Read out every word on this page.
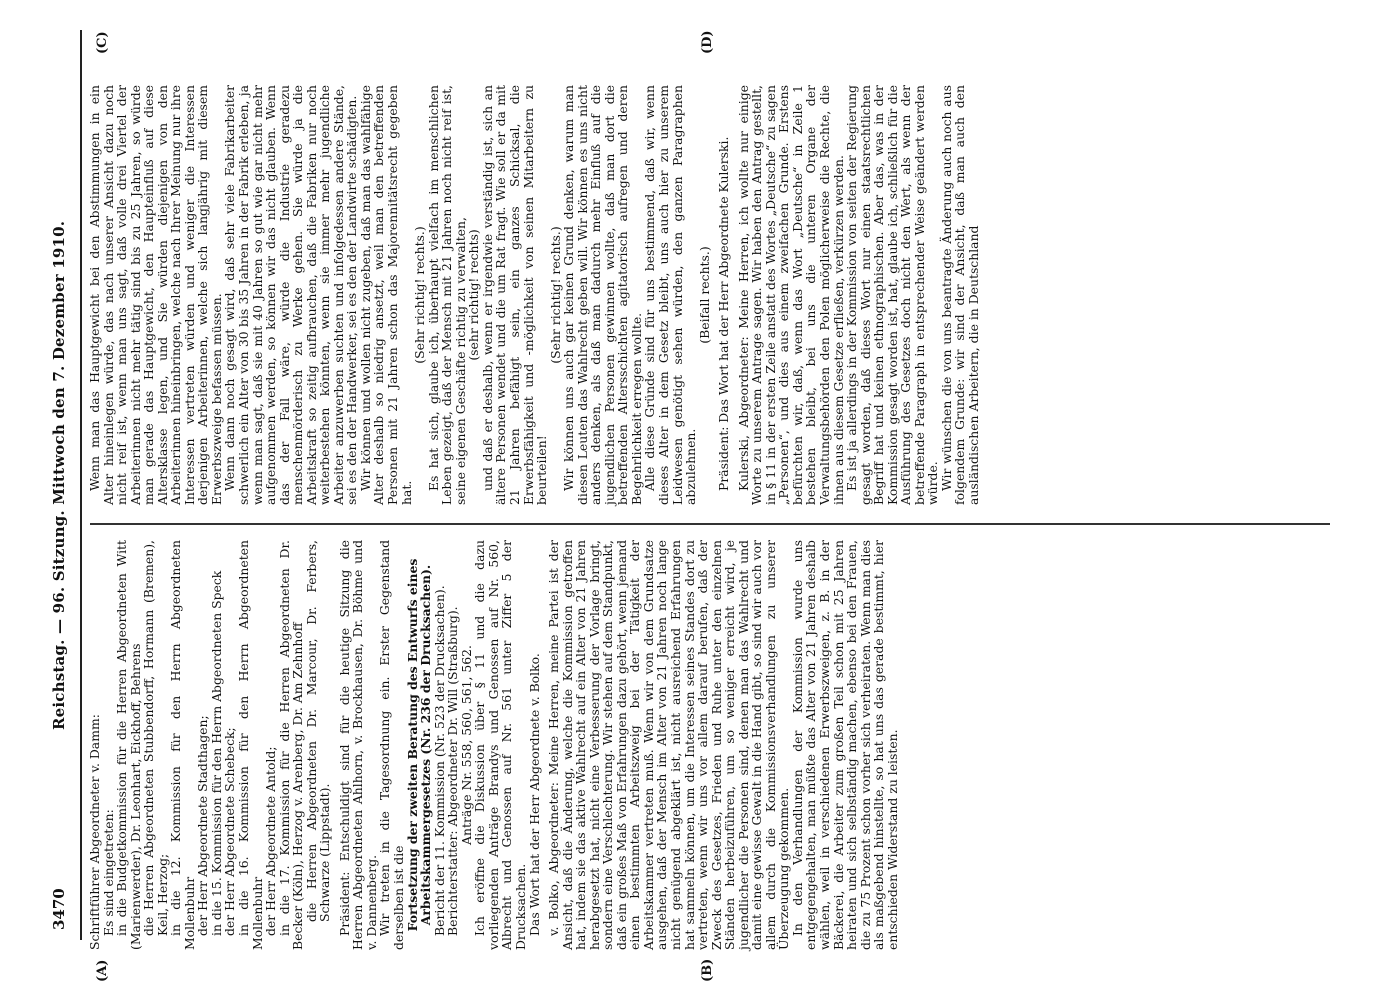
3470
Reichstag. — 96. Sitzung. Mittwoch den 7. Dezember 1910.
(A)	(B)
(C)	(D)

Schriftführer Abgeordneter v. Damm:

Es sind eingetreten:

in die Budgetkommission für die Herren Abgeordneten Witt (Marienwerder), Dr. Leonhart, Eickhoff, Behrens

die Herren Abgeordneten Stubbendorff, Hormann (Bremen), Keil, Herzog;

in die 12. Kommission für den Herrn Abgeordneten Mollenbuhr

der Herr Abgeordnete Stadthagen;

in die 15. Kommission für den Herrn Abgeordneten Speck

der Herr Abgeordnete Schebeck;

in die 16. Kommission für den Herrn Abgeordneten Mollenbuhr

der Herr Abgeordnete Antold;

in die 17. Kommission für die Herren Abgeordneten Dr. Becker (Köln), Herzog v. Arenberg, Dr. Am Zehnhoff

die Herren Abgeordneten Dr. Marcour, Dr. Ferbers, Schwarze (Lippstadt). Präsident: Entschuldigt sind für die heutige Sitzung die Herren Abgeordneten Ahlhorn, v. Brockhausen, Dr. Böhme und v. Dannenberg.

Wir treten in die Tagesordnung ein. Erster Gegenstand derselben ist die

Fortsetzung der zweiten Beratung des Entwurfs eines Arbeitskammergesetzes (Nr. 236 der Drucksachen).

Bericht der 11. Kommission (Nr. 523 der Drucksachen).

Berichterstatter: Abgeordneter Dr. Will (Straßburg).

Anträge Nr. 558, 560, 561, 562.

Ich eröffne die Diskussion über § 11 und die dazu vorliegenden Anträge Brandys und Genossen auf Nr. 560, Albrecht und Genossen auf Nr. 561 unter Ziffer 5 der Drucksachen.

Das Wort hat der Herr Abgeordnete v. Bolko. v. Bolko, Abgeordneter: Meine Herren, meine Partei ist der Ansicht, daß die Änderung, welche die Kommission getroffen hat, indem sie das aktive Wahlrecht auf ein Alter von 21 Jahren herabgesetzt hat, nicht eine Verbesserung der Vorlage bringt, sondern eine Verschlechterung. Wir stehen auf dem Standpunkt, daß ein großes Maß von Erfahrungen dazu gehört, wenn jemand einen bestimmten Arbeitszweig bei der Tätigkeit der Arbeitskammer vertreten muß. Wenn wir von dem Grundsatze ausgehen, daß der Mensch im Alter von 21 Jahren noch lange nicht genügend abgeklärt ist, nicht ausreichend Erfahrungen hat sammeln können, um die Interessen seines Standes dort zu vertreten, wenn wir uns vor allem darauf berufen, daß der Zweck des Gesetzes, Frieden und Ruhe unter den einzelnen Ständen herbeizuführen, um so weniger erreicht wird, je jugendlicher die Personen sind, denen man das Wahlrecht und damit eine gewisse Gewalt in die Hand gibt, so sind wir auch vor allem durch die Kommissionsverhandlungen zu unserer Überzeugung gekommen.

In den Verhandlungen der Kommission wurde uns entgegengehalten, man müßte das Alter von 21 Jahren deshalb wählen, weil in verschiedenen Erwerbszweigen, z. B. in der Bäckerei, die Arbeiter zum großen Teil schon mit 25 Jahren heiraten und sich selbständig machen, ebenso bei den Frauen, die zu 75 Prozent schon vorher sich verheiraten. Wenn man dies als maßgebend hinstellte, so hat uns das gerade bestimmt, hier entschieden Widerstand zu leisten.

Wenn man das Hauptgewicht bei den Abstimmungen in ein Alter hineinlegen würde, das nach unserer Ansicht dazu noch nicht reif ist, wenn man uns sagt, daß volle drei Viertel der Arbeiterinnen nicht mehr tätig sind bis zu 25 Jahren, so würde man gerade das Hauptgewicht, den Haupteinfluß auf diese Altersklasse legen, und Sie würden diejenigen von den Arbeiterinnen hineinbringen, welche nach Ihrer Meinung nur ihre Interessen vertreten würden und weniger die Interessen derjenigen Arbeiterinnen, welche sich langjährig mit diesem Erwerbszweige befassen müssen.

Wenn dann noch gesagt wird, daß sehr viele Fabrikarbeiter schwerlich ein Alter von 30 bis 35 Jahren in der Fabrik erleben, ja wenn man sagt, daß sie mit 40 Jahren so gut wie gar nicht mehr aufgenommen werden, so können wir das nicht glauben. Wenn das der Fall wäre, würde die Industrie geradezu menschenmörderisch zu Werke gehen. Sie würde ja die Arbeitskraft so zeitig aufbrauchen, daß die Fabriken nur noch weiterbestehen könnten, wenn sie immer mehr jugendliche Arbeiter anzuwerben suchten und infolgedessen andere Stände, sei es den der Handwerker, sei es den der Landwirte schädigten.

Wir können und wollen nicht zugeben, daß man das wahlfähige Alter deshalb so niedrig ansetzt, weil man den betreffenden Personen mit 21 Jahren schon das Majorennitätsrecht gegeben hat.

(Sehr richtig! rechts.)

Es hat sich, glaube ich, überhaupt vielfach im menschlichen Leben gezeigt, daß der Mensch mit 21 Jahren noch nicht reif ist, seine eigenen Geschäfte richtig zu verwalten,

(sehr richtig! rechts)

und daß er deshalb, wenn er irgendwie verständig ist, sich an ältere Personen wendet und die um Rat fragt. Wie soll er da mit 21 Jahren befähigt sein, ein ganzes Schicksal, die Erwerbsfähigkeit und -möglichkeit von seinen Mitarbeitern zu beurteilen!

(Sehr richtig! rechts.)

Wir können uns auch gar keinen Grund denken, warum man diesen Leuten das Wahlrecht geben will. Wir können es uns nicht anders denken, als daß man dadurch mehr Einfluß auf die jugendlichen Personen gewinnen wollte, daß man dort die betreffenden Altersschichten agitatorisch aufregen und deren Begehrlichkeit erregen wollte.

Alle diese Gründe sind für uns bestimmend, daß wir, wenn dieses Alter in dem Gesetz bleibt, uns auch hier zu unserem Leidwesen genötigt sehen würden, den ganzen Paragraphen abzulehnen.

(Beifall rechts.) Präsident: Das Wort hat der Herr Abgeordnete Kulerski. Kulerski, Abgeordneter: Meine Herren, ich wollte nur einige Worte zu unserem Antrage sagen. Wir haben den Antrag gestellt, in § 11 in der ersten Zeile anstatt des Wortes „Deutsche“ zu sagen „Personen“, und dies aus einem zweifachen Grunde. Erstens befürchten wir, daß, wenn das Wort „Deutsche“ in Zeile 1 bestehen bleibt, bei uns die unteren Organe der Verwaltungsbehörden den Polen möglicherweise die Rechte, die ihnen aus diesem Gesetze erfließen, verkürzen werden.

Es ist ja allerdings in der Kommission von seiten der Regierung gesagt worden, daß dieses Wort nur einen staatsrechtlichen Begriff hat und keinen ethnographischen. Aber das, was in der Kommission gesagt worden ist, hat, glaube ich, schließlich für die Ausführung des Gesetzes doch nicht den Wert, als wenn der betreffende Paragraph in entsprechender Weise geändert werden würde.

Wir wünschen die von uns beantragte Änderung auch noch aus folgendem Grunde: wir sind der Ansicht, daß man auch den ausländischen Arbeitern, die in Deutschland
